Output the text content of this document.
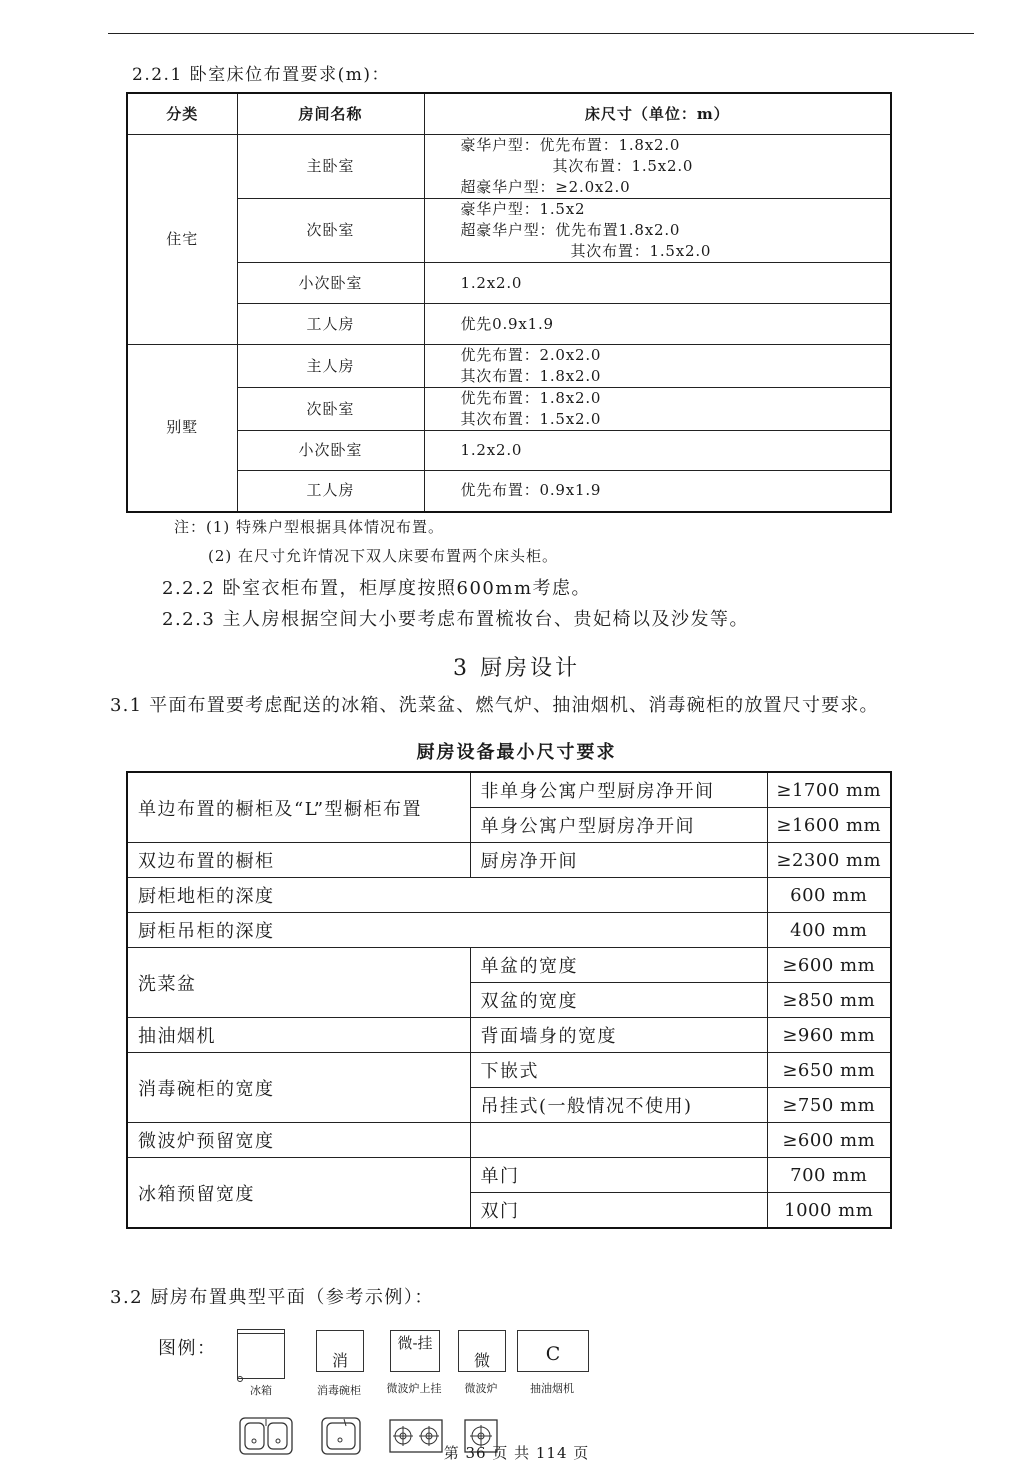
2.2.1 卧室床位布置要求(m)：
分类	房间名称	床尺寸（单位：m）
住宅	主卧室	豪华户型：优先布置：1.8x2.0
其次布置：1.5x2.0
超豪华户型：≥2.0x2.0

	次卧室	豪华户型：1.5x2
超豪华户型：优先布置1.8x2.0
其次布置：1.5x2.0

	小次卧室	1.2x2.0
	工人房	优先0.9x1.9
别墅	主人房	优先布置：2.0x2.0
其次布置：1.8x2.0

	次卧室	优先布置：1.8x2.0
其次布置：1.5x2.0

	小次卧室	1.2x2.0
	工人房	优先布置：0.9x1.9
注：(1) 特殊户型根据具体情况布置。
(2) 在尺寸允许情况下双人床要布置两个床头柜。
2.2.2 卧室衣柜布置，柜厚度按照600mm考虑。
2.2.3 主人房根据空间大小要考虑布置梳妆台、贵妃椅以及沙发等。
3 厨房设计
3.1 平面布置要考虑配送的冰箱、洗菜盆、燃气炉、抽油烟机、消毒碗柜的放置尺寸要求。
厨房设备最小尺寸要求
单边布置的橱柜及“L”型橱柜布置	非单身公寓户型厨房净开间	≥1700 mm
	单身公寓户型厨房净开间	≥1600 mm
双边布置的橱柜	厨房净开间	≥2300 mm
厨柜地柜的深度		600 mm
厨柜吊柜的深度		400 mm
洗菜盆	单盆的宽度	≥600 mm
	双盆的宽度	≥850 mm
抽油烟机	背面墙身的宽度	≥960 mm
消毒碗柜的宽度	下嵌式	≥650 mm
	吊挂式(一般情况不使用)	≥750 mm
微波炉预留宽度		≥600 mm
冰箱预留宽度	单门	700 mm
	双门	1000 mm
3.2 厨房布置典型平面（参考示例）：
图例：
冰箱
消
消毒碗柜
微-挂
微波炉上挂
微
微波炉
C
抽油烟机
第 36 页 共 114 页
